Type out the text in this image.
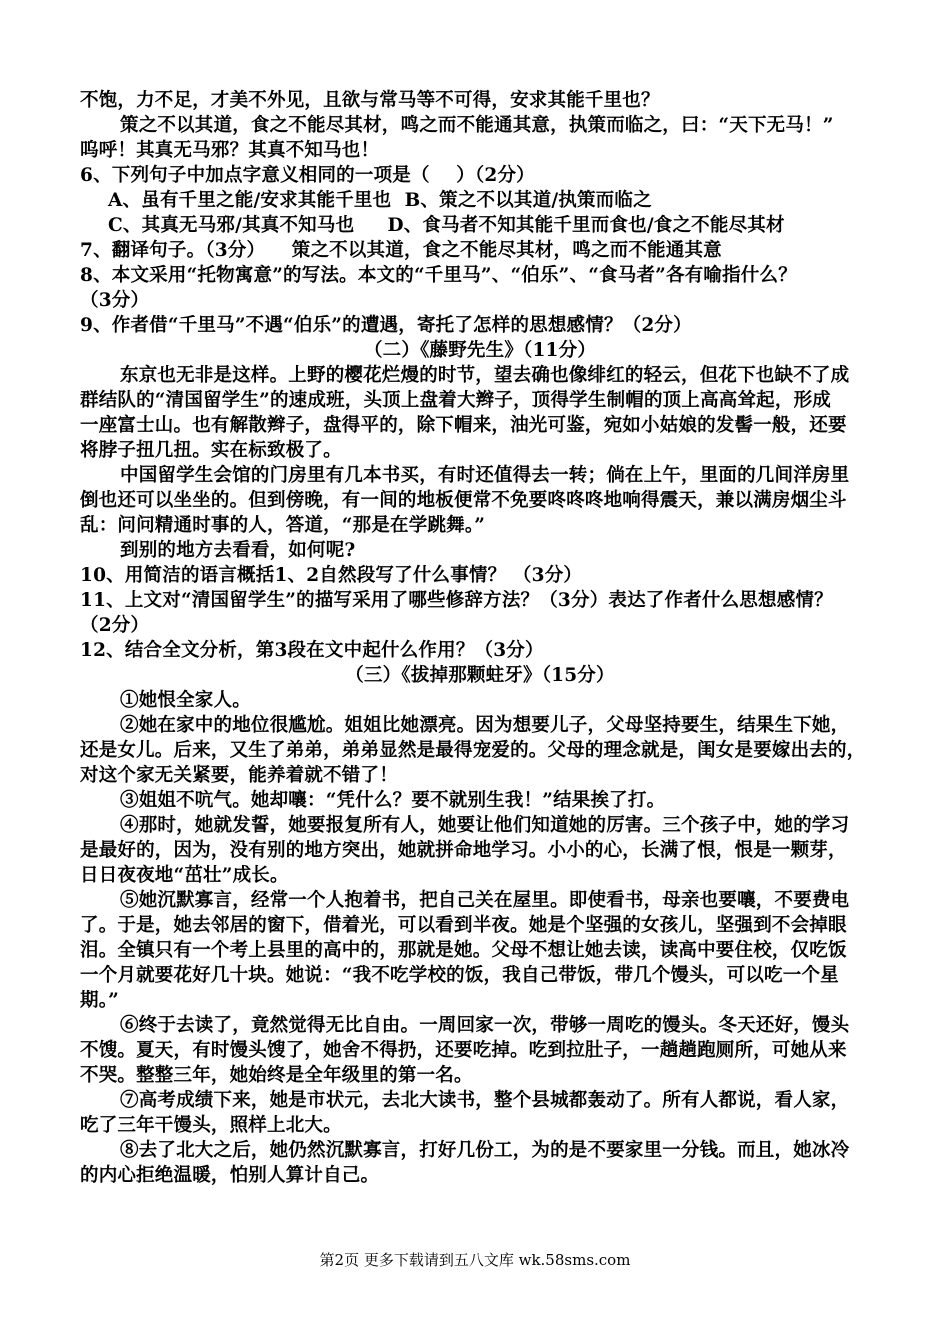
不饱，力不足，才美不外见，且欲与常马等不可得，安求其能千里也？

策之不以其道，食之不能尽其材，鸣之而不能通其意，执策而临之，曰：“天下无马！”

呜呼！其真无马邪？其真不知马也！

6、下列句子中加点字意义相同的一项是（    ）（2分）

A、虽有千里之能/安求其能千里也  B、策之不以其道/执策而临之

C、其真无马邪/其真不知马也     D、食马者不知其能千里而食也/食之不能尽其材

7、翻译句子。（3分）    策之不以其道，食之不能尽其材，鸣之而不能通其意

8、本文采用“托物寓意”的写法。本文的“千里马”、“伯乐”、“食马者”各有喻指什么？

（3分）

9、作者借“千里马”不遇“伯乐”的遭遇，寄托了怎样的思想感情？（2分）

（二）《藤野先生》（11分）

东京也无非是这样。上野的樱花烂熳的时节，望去确也像绯红的轻云，但花下也缺不了成

群结队的“清国留学生”的速成班，头顶上盘着大辫子，顶得学生制帽的顶上高高耸起，形成

一座富士山。也有解散辫子，盘得平的，除下帽来，油光可鉴，宛如小姑娘的发髻一般，还要

将脖子扭几扭。实在标致极了。

中国留学生会馆的门房里有几本书买，有时还值得去一转；倘在上午，里面的几间洋房里

倒也还可以坐坐的。但到傍晚，有一间的地板便常不免要咚咚咚地响得震天，兼以满房烟尘斗

乱：问问精通时事的人，答道，“那是在学跳舞。”

到别的地方去看看，如何呢?

10、用简洁的语言概括1、2自然段写了什么事情？ （3分）

11、上文对“清国留学生”的描写采用了哪些修辞方法？（3分）表达了作者什么思想感情？

（2分）

12、结合全文分析，第3段在文中起什么作用？（3分）

（三）《拔掉那颗蛀牙》（15分）

①她恨全家人。

②她在家中的地位很尴尬。姐姐比她漂亮。因为想要儿子，父母坚持要生，结果生下她，

还是女儿。后来，又生了弟弟，弟弟显然是最得宠爱的。父母的理念就是，闺女是要嫁出去的，

对这个家无关紧要，能养着就不错了！

③姐姐不吭气。她却嚷：“凭什么？要不就别生我！”结果挨了打。

④那时，她就发誓，她要报复所有人，她要让他们知道她的厉害。三个孩子中，她的学习

是最好的，因为，没有别的地方突出，她就拼命地学习。小小的心，长满了恨，恨是一颗芽，

日日夜夜地“茁壮”成长。

⑤她沉默寡言，经常一个人抱着书，把自己关在屋里。即使看书，母亲也要嚷，不要费电

了。于是，她去邻居的窗下，借着光，可以看到半夜。她是个坚强的女孩儿，坚强到不会掉眼

泪。全镇只有一个考上县里的高中的，那就是她。父母不想让她去读，读高中要住校，仅吃饭

一个月就要花好几十块。她说：“我不吃学校的饭，我自己带饭，带几个馒头，可以吃一个星

期。”

⑥终于去读了，竟然觉得无比自由。一周回家一次，带够一周吃的馒头。冬天还好，馒头

不馊。夏天，有时馒头馊了，她舍不得扔，还要吃掉。吃到拉肚子，一趟趟跑厕所，可她从来

不哭。整整三年，她始终是全年级里的第一名。

⑦高考成绩下来，她是市状元，去北大读书，整个县城都轰动了。所有人都说，看人家，

吃了三年干馒头，照样上北大。

⑧去了北大之后，她仍然沉默寡言，打好几份工，为的是不要家里一分钱。而且，她冰冷

的内心拒绝温暖，怕别人算计自己。

第2页 更多下载请到五八文库 wk.58sms.com
